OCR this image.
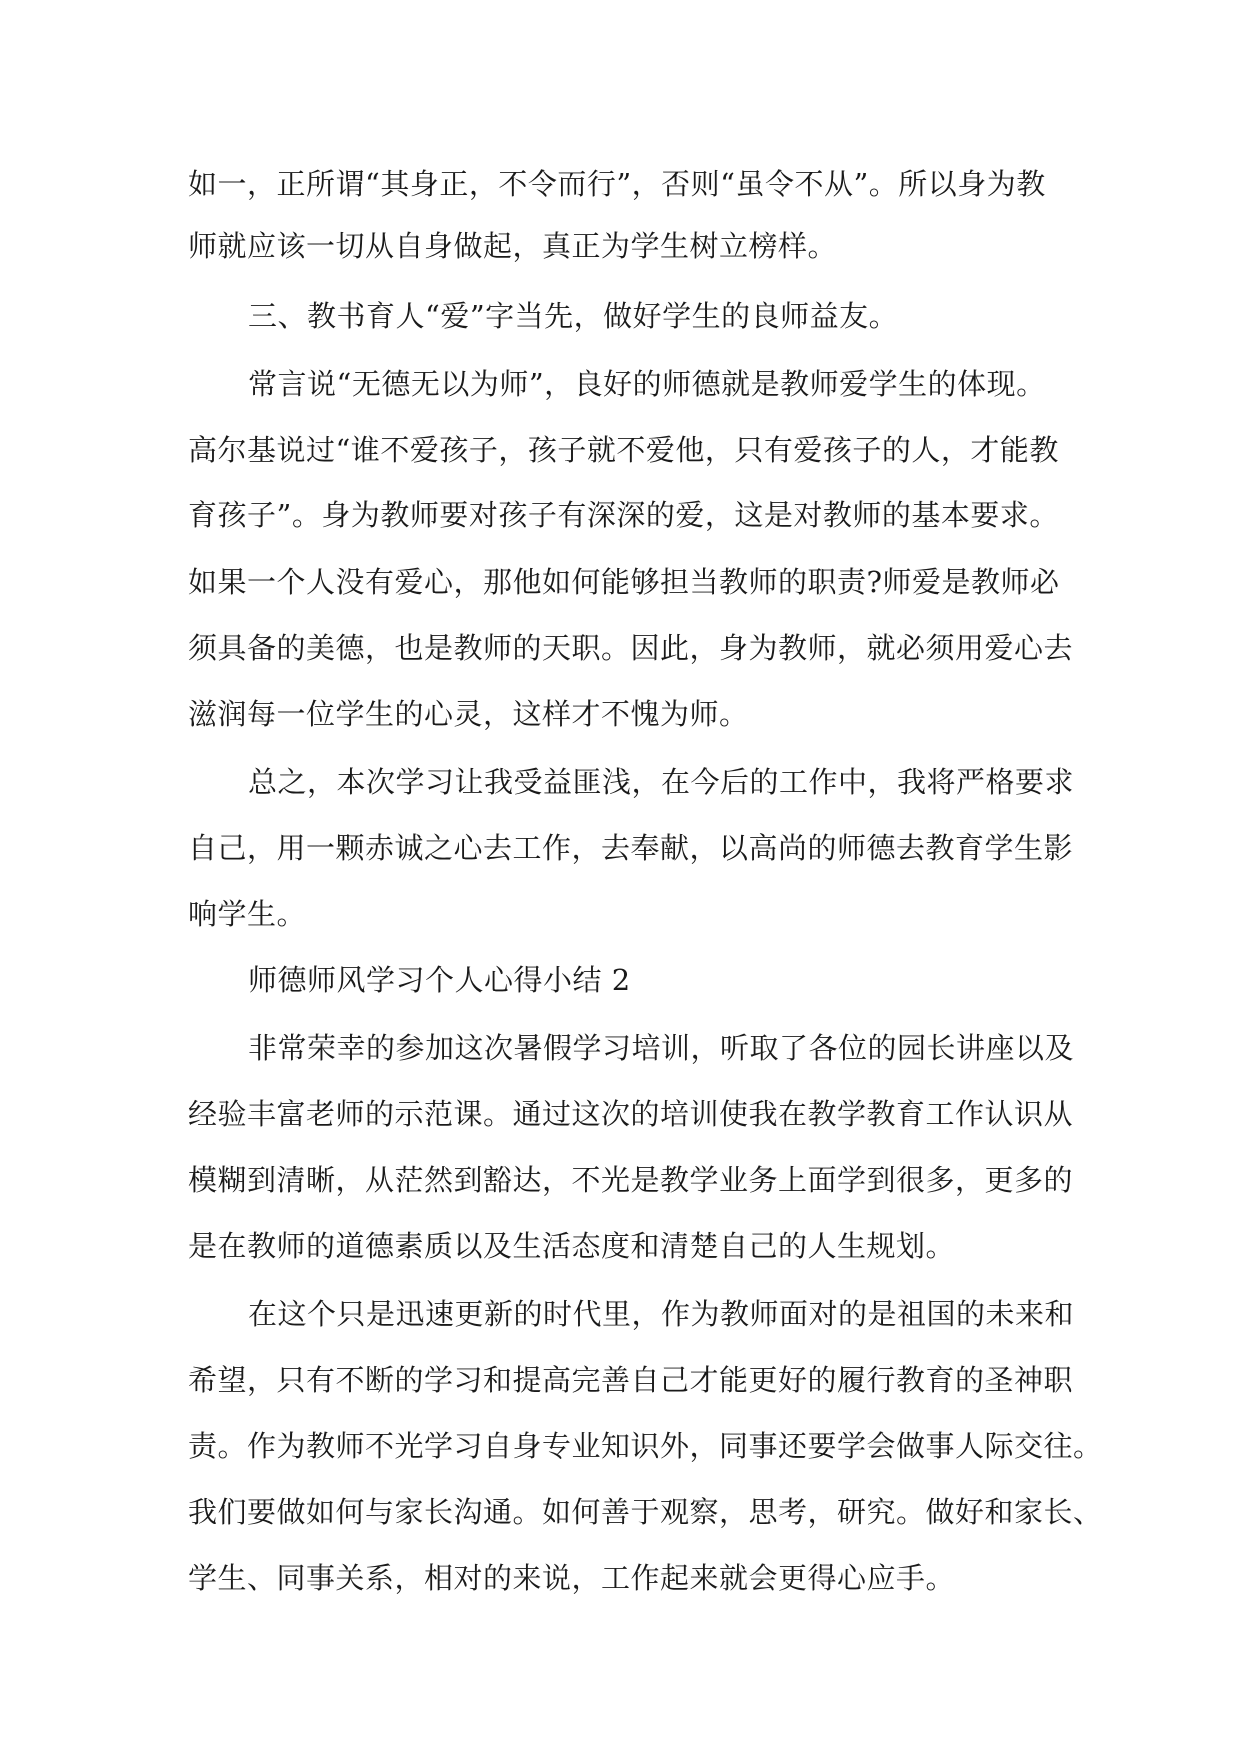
如一，正所谓“其身正，不令而行”，否则“虽令不从”。所以身为教
师就应该一切从自身做起，真正为学生树立榜样。
三、教书育人“爱”字当先，做好学生的良师益友。
常言说“无德无以为师”，良好的师德就是教师爱学生的体现。
高尔基说过“谁不爱孩子，孩子就不爱他，只有爱孩子的人，才能教
育孩子”。身为教师要对孩子有深深的爱，这是对教师的基本要求。
如果一个人没有爱心，那他如何能够担当教师的职责?师爱是教师必
须具备的美德，也是教师的天职。因此，身为教师，就必须用爱心去
滋润每一位学生的心灵，这样才不愧为师。
总之，本次学习让我受益匪浅，在今后的工作中，我将严格要求
自己，用一颗赤诚之心去工作，去奉献，以高尚的师德去教育学生影
响学生。
师德师风学习个人心得小结 2
非常荣幸的参加这次暑假学习培训，听取了各位的园长讲座以及
经验丰富老师的示范课。通过这次的培训使我在教学教育工作认识从
模糊到清晰，从茫然到豁达，不光是教学业务上面学到很多，更多的
是在教师的道德素质以及生活态度和清楚自己的人生规划。
在这个只是迅速更新的时代里，作为教师面对的是祖国的未来和
希望，只有不断的学习和提高完善自己才能更好的履行教育的圣神职
责。作为教师不光学习自身专业知识外，同事还要学会做事人际交往。
我们要做如何与家长沟通。如何善于观察，思考，研究。做好和家长、
学生、同事关系，相对的来说，工作起来就会更得心应手。
